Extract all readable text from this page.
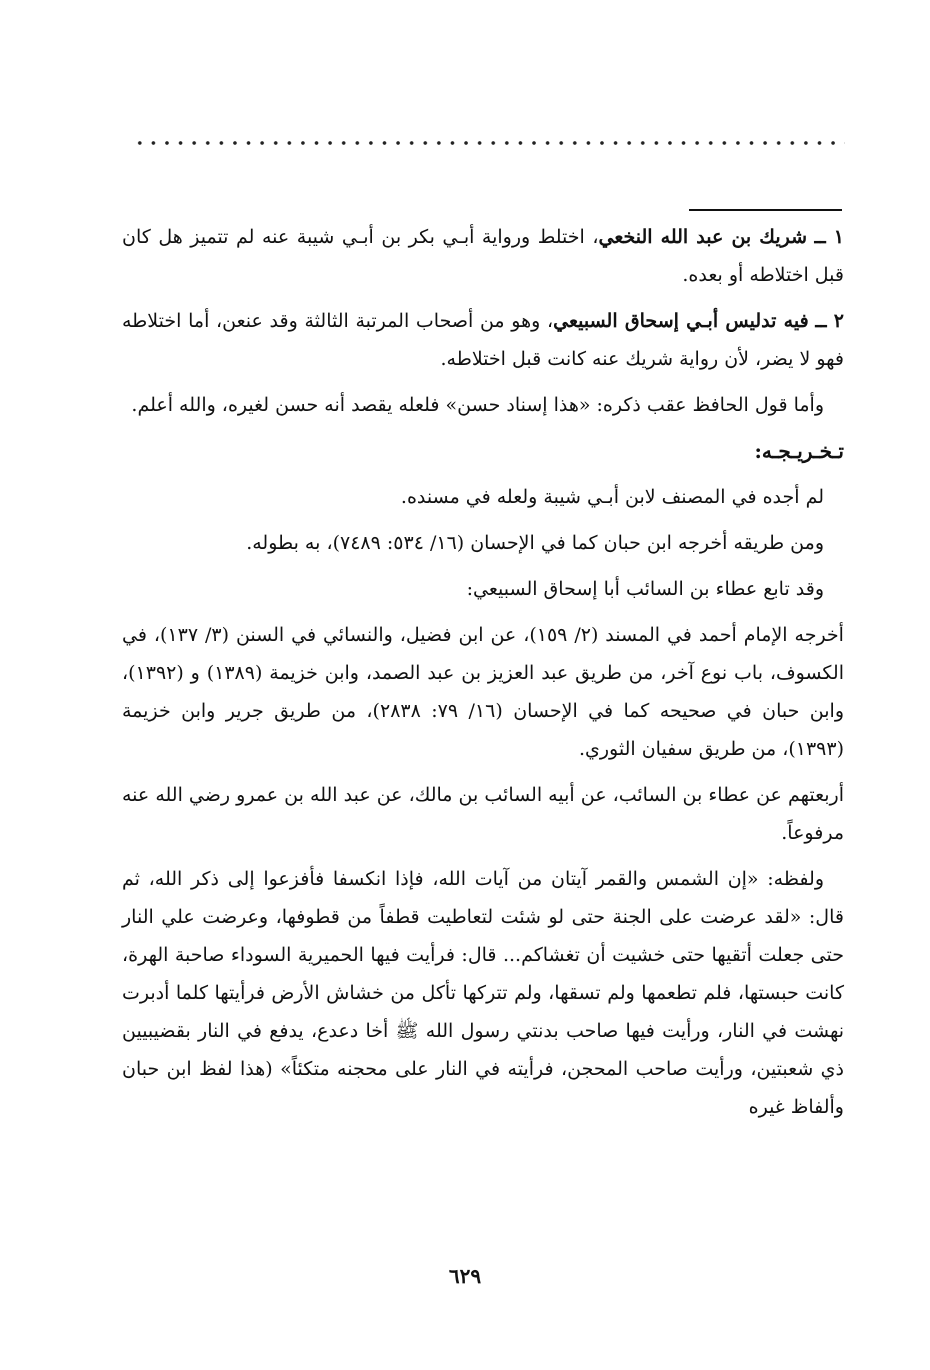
١ ــ شريك بن عبد الله النخعي، اختلط ورواية أبـي بكر بن أبـي شيبة عنه لم تتميز هل كان قبل اختلاطه أو بعده.

٢ ــ فيه تدليس أبـي إسحاق السبيعي، وهو من أصحاب المرتبة الثالثة وقد عنعن، أما اختلاطه فهو لا يضر، لأن رواية شريك عنه كانت قبل اختلاطه.

وأما قول الحافظ عقب ذكره: «هذا إسناد حسن» فلعله يقصد أنه حسن لغيره، والله أعلم.

تـخـريـجـه:

لم أجده في المصنف لابن أبـي شيبة ولعله في مسنده.

ومن طريقه أخرجه ابن حبان كما في الإحسان (١٦/ ٥٣٤: ٧٤٨٩)، به بطوله.

وقد تابع عطاء بن السائب أبا إسحاق السبيعي:

أخرجه الإمام أحمد في المسند (٢/ ١٥٩)، عن ابن فضيل، والنسائي في السنن (٣/ ١٣٧)، في الكسوف، باب نوع آخر، من طريق عبد العزيز بن عبد الصمد، وابن خزيمة (١٣٨٩) و (١٣٩٢)، وابن حبان في صحيحه كما في الإحسان (١٦/ ٧٩: ٢٨٣٨)، من طريق جرير وابن خزيمة (١٣٩٣)، من طريق سفيان الثوري.

أربعتهم عن عطاء بن السائب، عن أبيه السائب بن مالك، عن عبد الله بن عمرو رضي الله عنه مرفوعاً.

ولفظه: «إن الشمس والقمر آيتان من آيات الله، فإذا انكسفا فأفزعوا إلى ذكر الله، ثم قال: «لقد عرضت على الجنة حتى لو شئت لتعاطيت قطفاً من قطوفها، وعرضت علي النار حتى جعلت أتقيها حتى خشيت أن تغشاكم... قال: فرأيت فيها الحميرية السوداء صاحبة الهرة، كانت حبستها، فلم تطعمها ولم تسقها، ولم تتركها تأكل من خشاش الأرض فرأيتها كلما أدبرت نهشت في النار، ورأيت فيها صاحب بدنتي رسول الله ﷺ أخا دعدع، يدفع في النار بقضيبيين ذي شعبتين، ورأيت صاحب المحجن، فرأيته في النار على محجنه متكئاً» (هذا لفظ ابن حبان وألفاظ غيره

٦٢٩
